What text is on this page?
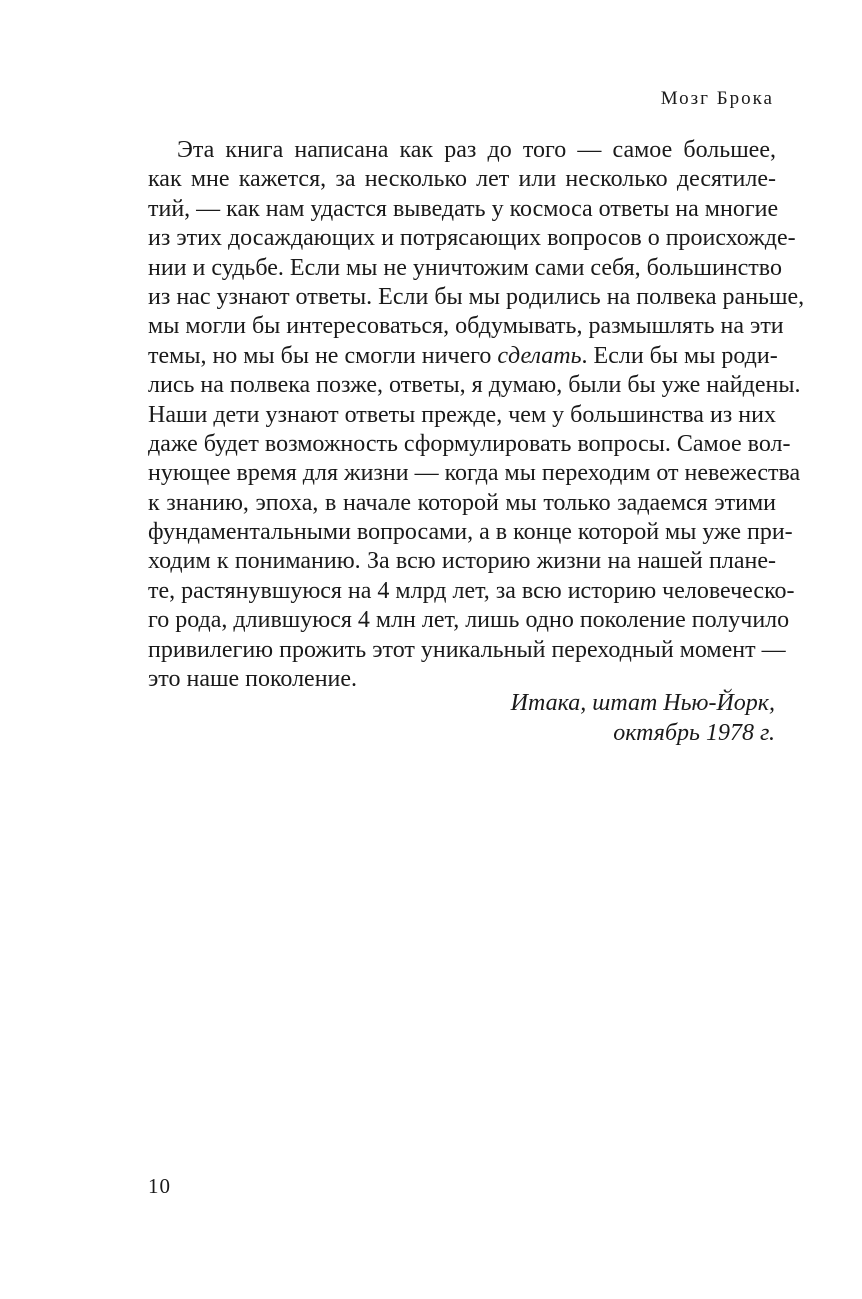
Мозг Брока
Эта книга написана как раз до того — самое большее,
как мне кажется, за несколько лет или несколько десятиле-
тий, — как нам удастся выведать у космоса ответы на многие
из этих досаждающих и потрясающих вопросов о происхожде-
нии и судьбе. Если мы не уничтожим сами себя, большинство
из нас узнают ответы. Если бы мы родились на полвека раньше,
мы могли бы интересоваться, обдумывать, размышлять на эти
темы, но мы бы не смогли ничего сделать. Если бы мы роди-
лись на полвека позже, ответы, я думаю, были бы уже найдены.
Наши дети узнают ответы прежде, чем у большинства из них
даже будет возможность сформулировать вопросы. Самое вол-
нующее время для жизни — когда мы переходим от невежества
к знанию, эпоха, в начале которой мы только задаемся этими
фундаментальными вопросами, а в конце которой мы уже при-
ходим к пониманию. За всю историю жизни на нашей плане-
те, растянувшуюся на 4 млрд лет, за всю историю человеческо-
го рода, длившуюся 4 млн лет, лишь одно поколение получило
привилегию прожить этот уникальный переходный момент —
это наше поколение.
Итака, штат Нью-Йорк,
октябрь 1978 г.
10
